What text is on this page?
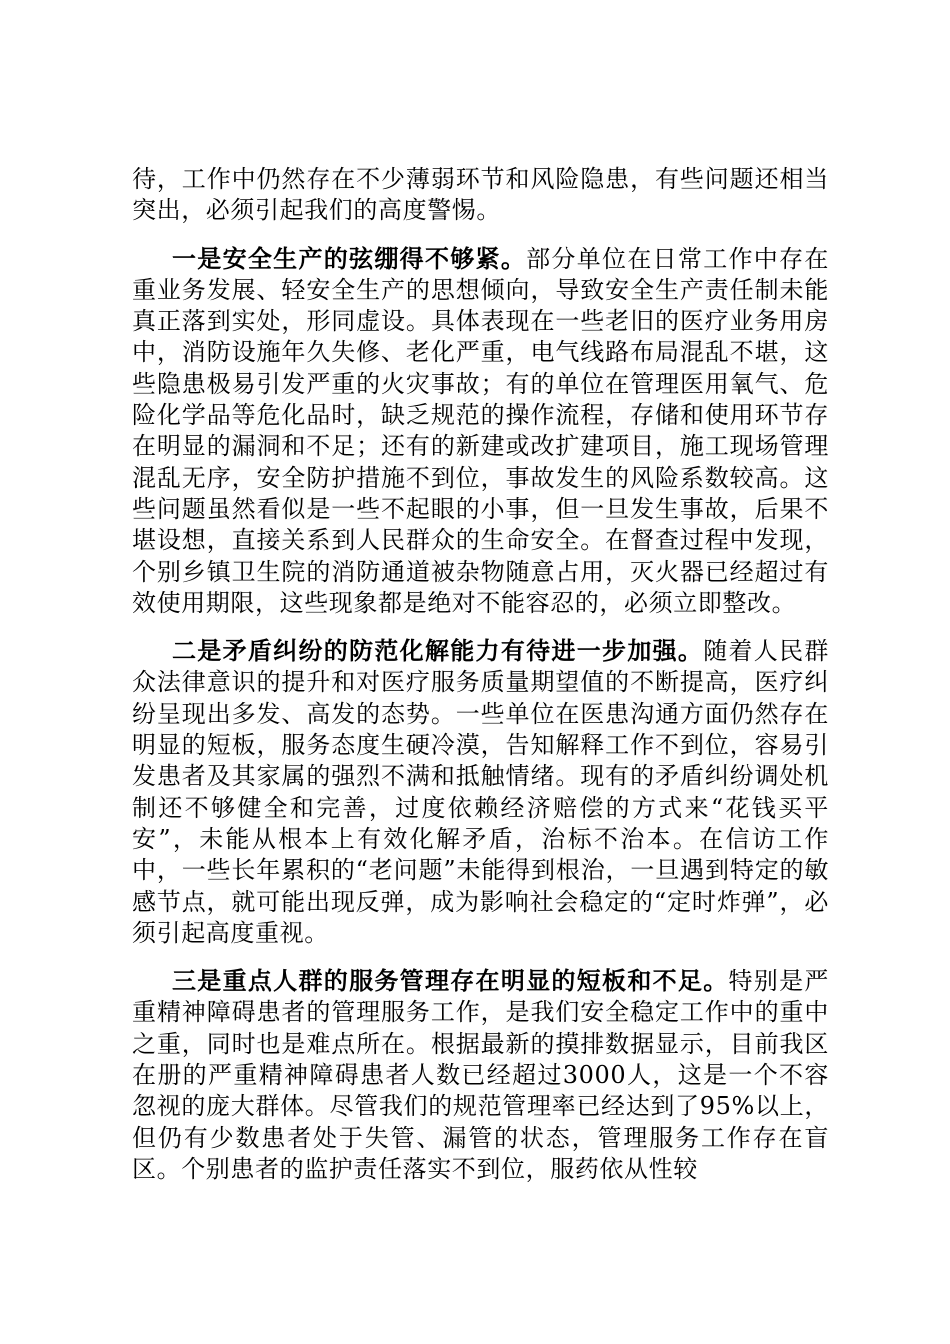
待，工作中仍然存在不少薄弱环节和风险隐患，有些问题还相当突出，必须引起我们的高度警惕。

一是安全生产的弦绷得不够紧。部分单位在日常工作中存在重业务发展、轻安全生产的思想倾向，导致安全生产责任制未能真正落到实处，形同虚设。具体表现在一些老旧的医疗业务用房中，消防设施年久失修、老化严重，电气线路布局混乱不堪，这些隐患极易引发严重的火灾事故；有的单位在管理医用氧气、危险化学品等危化品时，缺乏规范的操作流程，存储和使用环节存在明显的漏洞和不足；还有的新建或改扩建项目，施工现场管理混乱无序，安全防护措施不到位，事故发生的风险系数较高。这些问题虽然看似是一些不起眼的小事，但一旦发生事故，后果不堪设想，直接关系到人民群众的生命安全。在督查过程中发现，个别乡镇卫生院的消防通道被杂物随意占用，灭火器已经超过有效使用期限，这些现象都是绝对不能容忍的，必须立即整改。

二是矛盾纠纷的防范化解能力有待进一步加强。随着人民群众法律意识的提升和对医疗服务质量期望值的不断提高，医疗纠纷呈现出多发、高发的态势。一些单位在医患沟通方面仍然存在明显的短板，服务态度生硬冷漠，告知解释工作不到位，容易引发患者及其家属的强烈不满和抵触情绪。现有的矛盾纠纷调处机制还不够健全和完善，过度依赖经济赔偿的方式来“花钱买平安”，未能从根本上有效化解矛盾，治标不治本。在信访工作中，一些长年累积的“老问题”未能得到根治，一旦遇到特定的敏感节点，就可能出现反弹，成为影响社会稳定的“定时炸弹”，必须引起高度重视。

三是重点人群的服务管理存在明显的短板和不足。特别是严重精神障碍患者的管理服务工作，是我们安全稳定工作中的重中之重，同时也是难点所在。根据最新的摸排数据显示，目前我区在册的严重精神障碍患者人数已经超过3000人，这是一个不容忽视的庞大群体。尽管我们的规范管理率已经达到了95%以上，但仍有少数患者处于失管、漏管的状态，管理服务工作存在盲区。个别患者的监护责任落实不到位，服药依从性较
